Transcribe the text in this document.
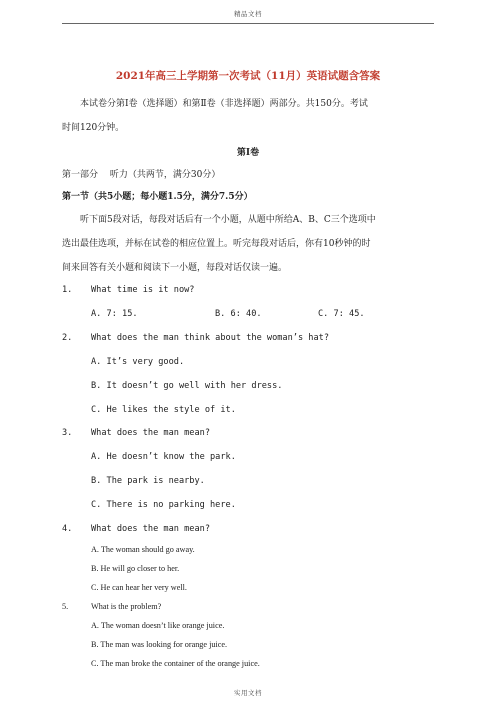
精品文档
2021年高三上学期第一次考试（11月）英语试题含答案
本试卷分第Ⅰ卷（选择题）和第Ⅱ卷（非选择题）两部分。共150分。考试
时间120分钟。
第Ⅰ卷
第一部分　 听力（共两节，满分30分）
第一节（共5小题；每小题1.5分，满分7.5分）
听下面5段对话，每段对话后有一个小题，从题中所给A、B、C三个选项中
选出最佳选项，并标在试卷的相应位置上。听完每段对话后，你有10秒钟的时
间来回答有关小题和阅读下一小题，每段对话仅读一遍。
1. What time is it now?
A. 7: 15.	B. 6: 40.	C. 7: 45.
2. What does the man think about the woman’s hat?
A. It’s very good.
B. It doesn’t go well with her dress.
C. He likes the style of it.
3. What does the man mean?
A. He doesn’t know the park.
B. The park is nearby.
C. There is no parking here.
4. What does the man mean?
A. The woman should go away.
B. He will go closer to her.
C. He can hear her very well.
5.	What is the problem?
A. The woman doesn’t like orange juice.
B. The man was looking for orange juice.
C. The man broke the container of the orange juice.
实用文档
